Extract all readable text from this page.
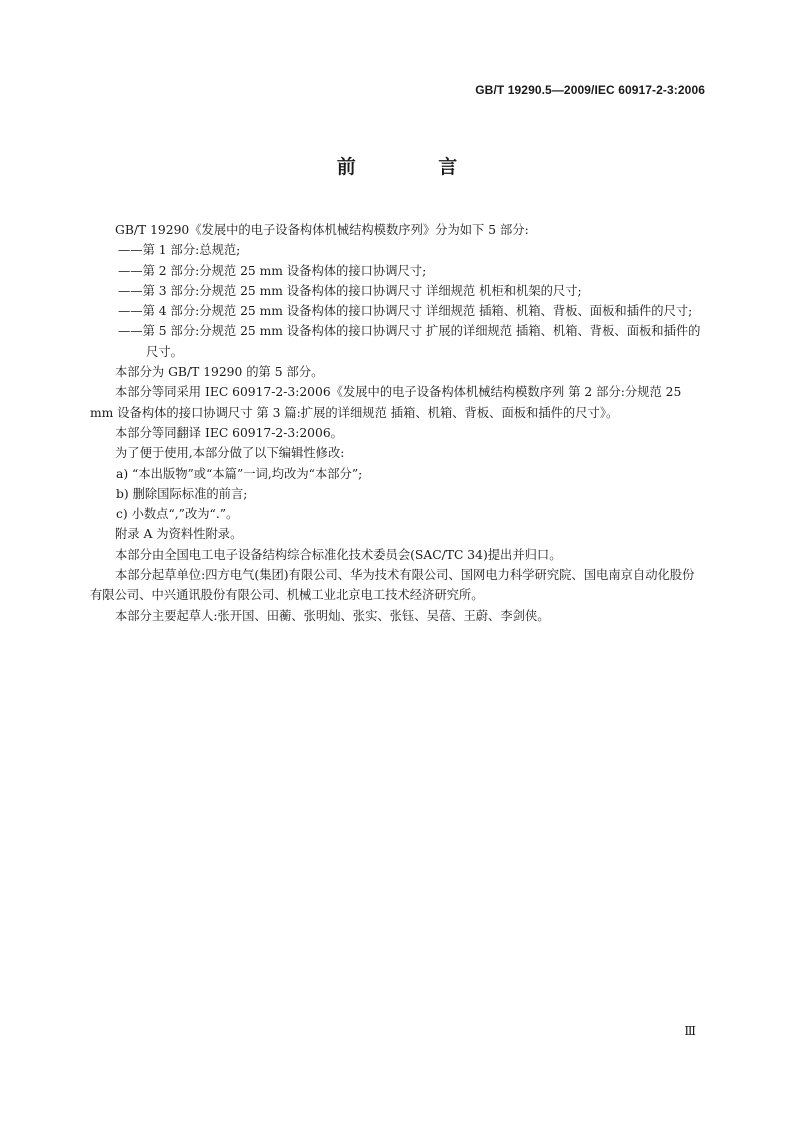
GB/T 19290.5—2009/IEC 60917-2-3:2006
前 言

GB/T 19290《发展中的电子设备构体机械结构模数序列》分为如下 5 部分:

——第 1 部分:总规范;

——第 2 部分:分规范 25 mm 设备构体的接口协调尺寸;

——第 3 部分:分规范 25 mm 设备构体的接口协调尺寸 详细规范 机柜和机架的尺寸;

——第 4 部分:分规范 25 mm 设备构体的接口协调尺寸 详细规范 插箱、机箱、背板、面板和插件的尺寸;

——第 5 部分:分规范 25 mm 设备构体的接口协调尺寸 扩展的详细规范 插箱、机箱、背板、面板和插件的尺寸。

本部分为 GB/T 19290 的第 5 部分。

本部分等同采用 IEC 60917-2-3:2006《发展中的电子设备构体机械结构模数序列 第 2 部分:分规范 25 mm 设备构体的接口协调尺寸 第 3 篇:扩展的详细规范 插箱、机箱、背板、面板和插件的尺寸》。

本部分等同翻译 IEC 60917-2-3:2006。

为了便于使用,本部分做了以下编辑性修改:

a) “本出版物”或“本篇”一词,均改为“本部分”;

b) 删除国际标准的前言;

c) 小数点“,”改为“.”。

附录 A 为资料性附录。

本部分由全国电工电子设备结构综合标准化技术委员会(SAC/TC 34)提出并归口。

本部分起草单位:四方电气(集团)有限公司、华为技术有限公司、国网电力科学研究院、国电南京自动化股份有限公司、中兴通讯股份有限公司、机械工业北京电工技术经济研究所。

本部分主要起草人:张开国、田蘅、张明灿、张实、张钰、吴蓓、王蔚、李剑侠。

Ⅲ
